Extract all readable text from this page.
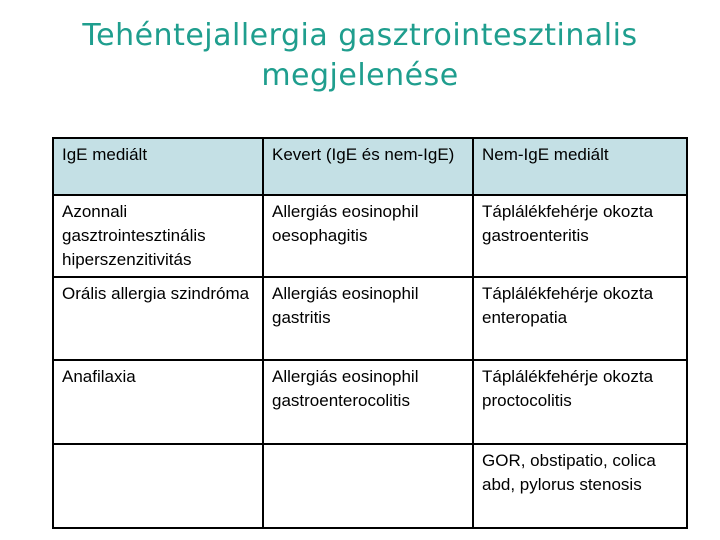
Tehéntejallergia gasztrointesztinalis
megjelenése
IgE mediált	Kevert (IgE és nem-IgE)	Nem-IgE mediált
Azonnali gasztrointesztinális hiperszenzitivitás	Allergiás eosinophil oesophagitis	Táplálékfehérje okozta gastroenteritis
Orális allergia szindróma	Allergiás eosinophil gastritis	Táplálékfehérje okozta enteropatia
Anafilaxia	Allergiás eosinophil gastroenterocolitis	Táplálékfehérje okozta proctocolitis
		GOR, obstipatio, colica abd, pylorus stenosis
